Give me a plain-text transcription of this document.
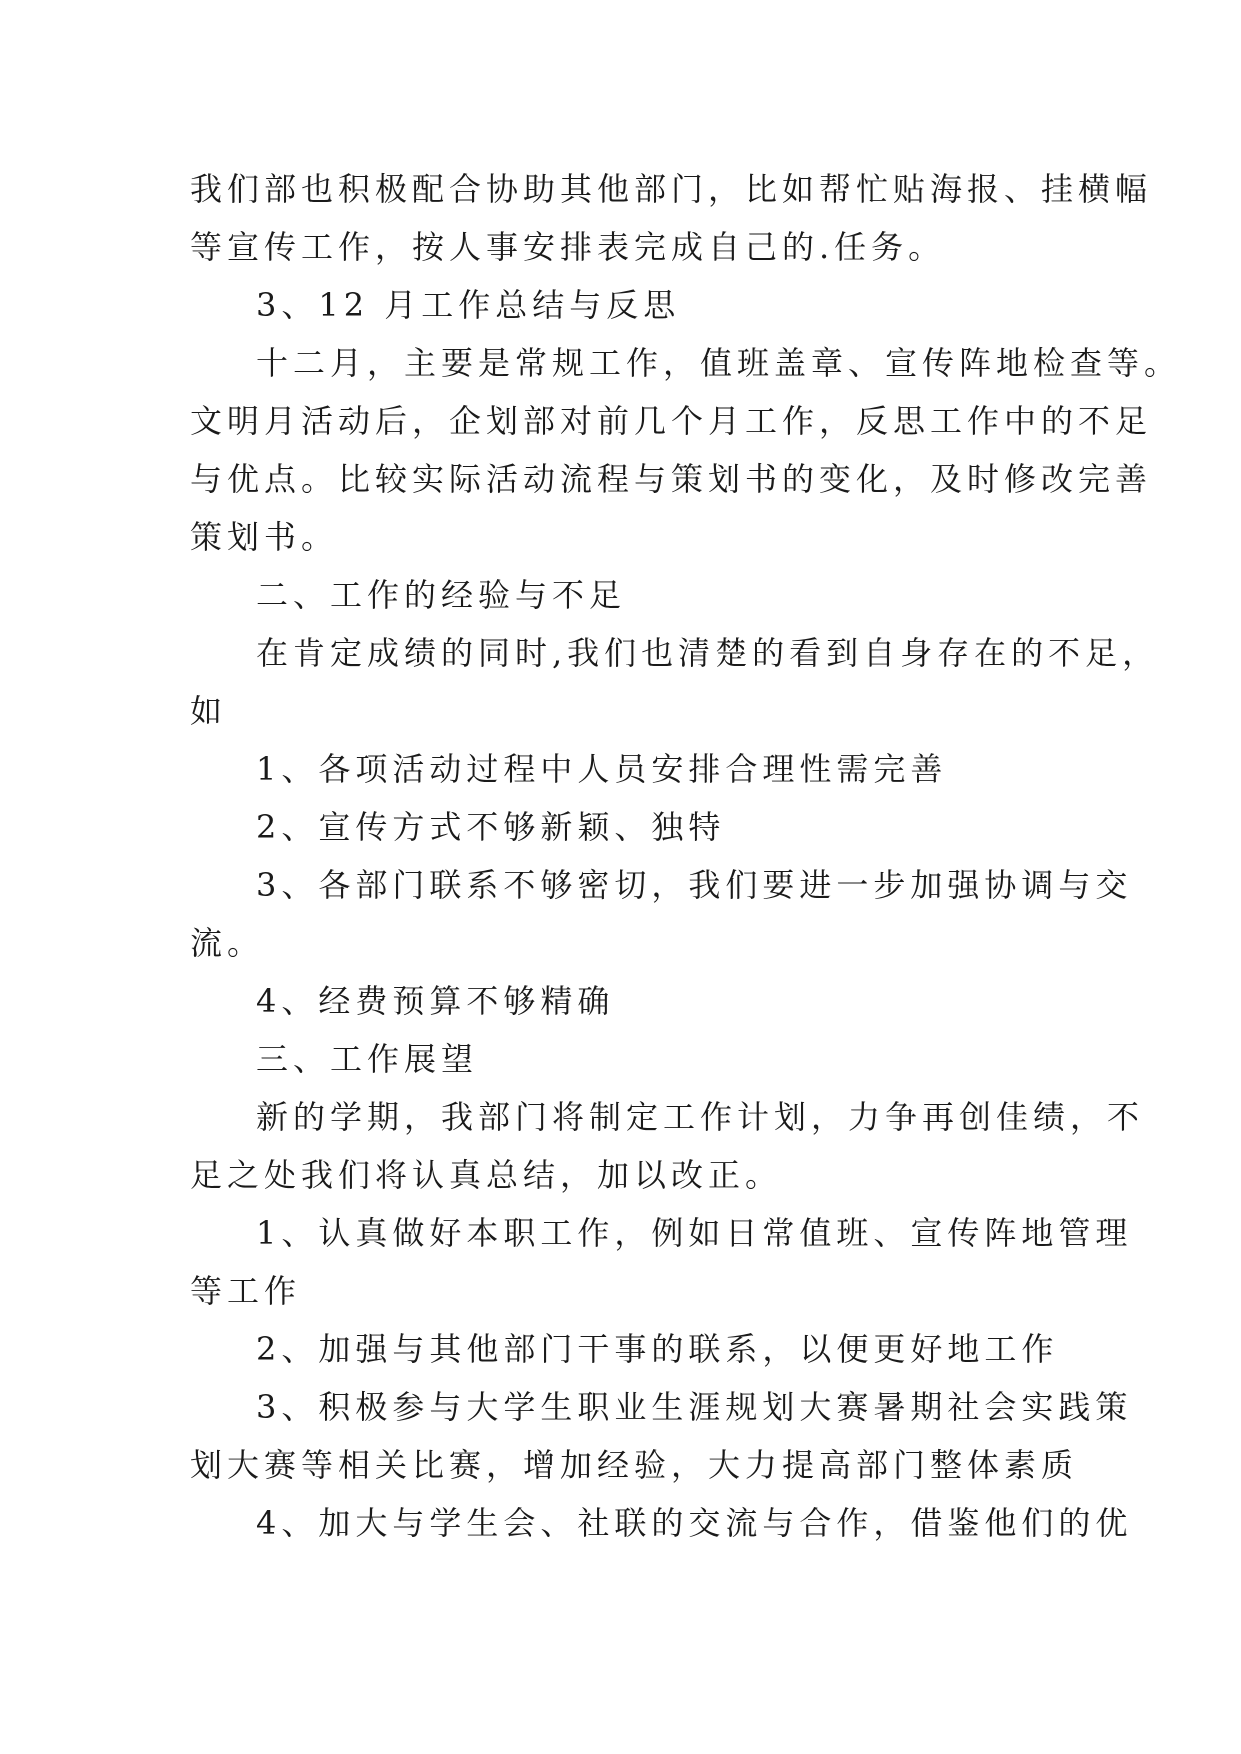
我们部也积极配合协助其他部门，比如帮忙贴海报、挂横幅
等宣传工作，按人事安排表完成自己的.任务。
3、12 月工作总结与反思
十二月，主要是常规工作，值班盖章、宣传阵地检查等。
文明月活动后，企划部对前几个月工作，反思工作中的不足
与优点。比较实际活动流程与策划书的变化，及时修改完善
策划书。
二、工作的经验与不足
在肯定成绩的同时,我们也清楚的看到自身存在的不足，
如
1、各项活动过程中人员安排合理性需完善
2、宣传方式不够新颖、独特
3、各部门联系不够密切，我们要进一步加强协调与交
流。
4、经费预算不够精确
三、工作展望
新的学期，我部门将制定工作计划，力争再创佳绩，不
足之处我们将认真总结，加以改正。
1、认真做好本职工作，例如日常值班、宣传阵地管理
等工作
2、加强与其他部门干事的联系，以便更好地工作
3、积极参与大学生职业生涯规划大赛暑期社会实践策
划大赛等相关比赛，增加经验，大力提高部门整体素质
4、加大与学生会、社联的交流与合作，借鉴他们的优
